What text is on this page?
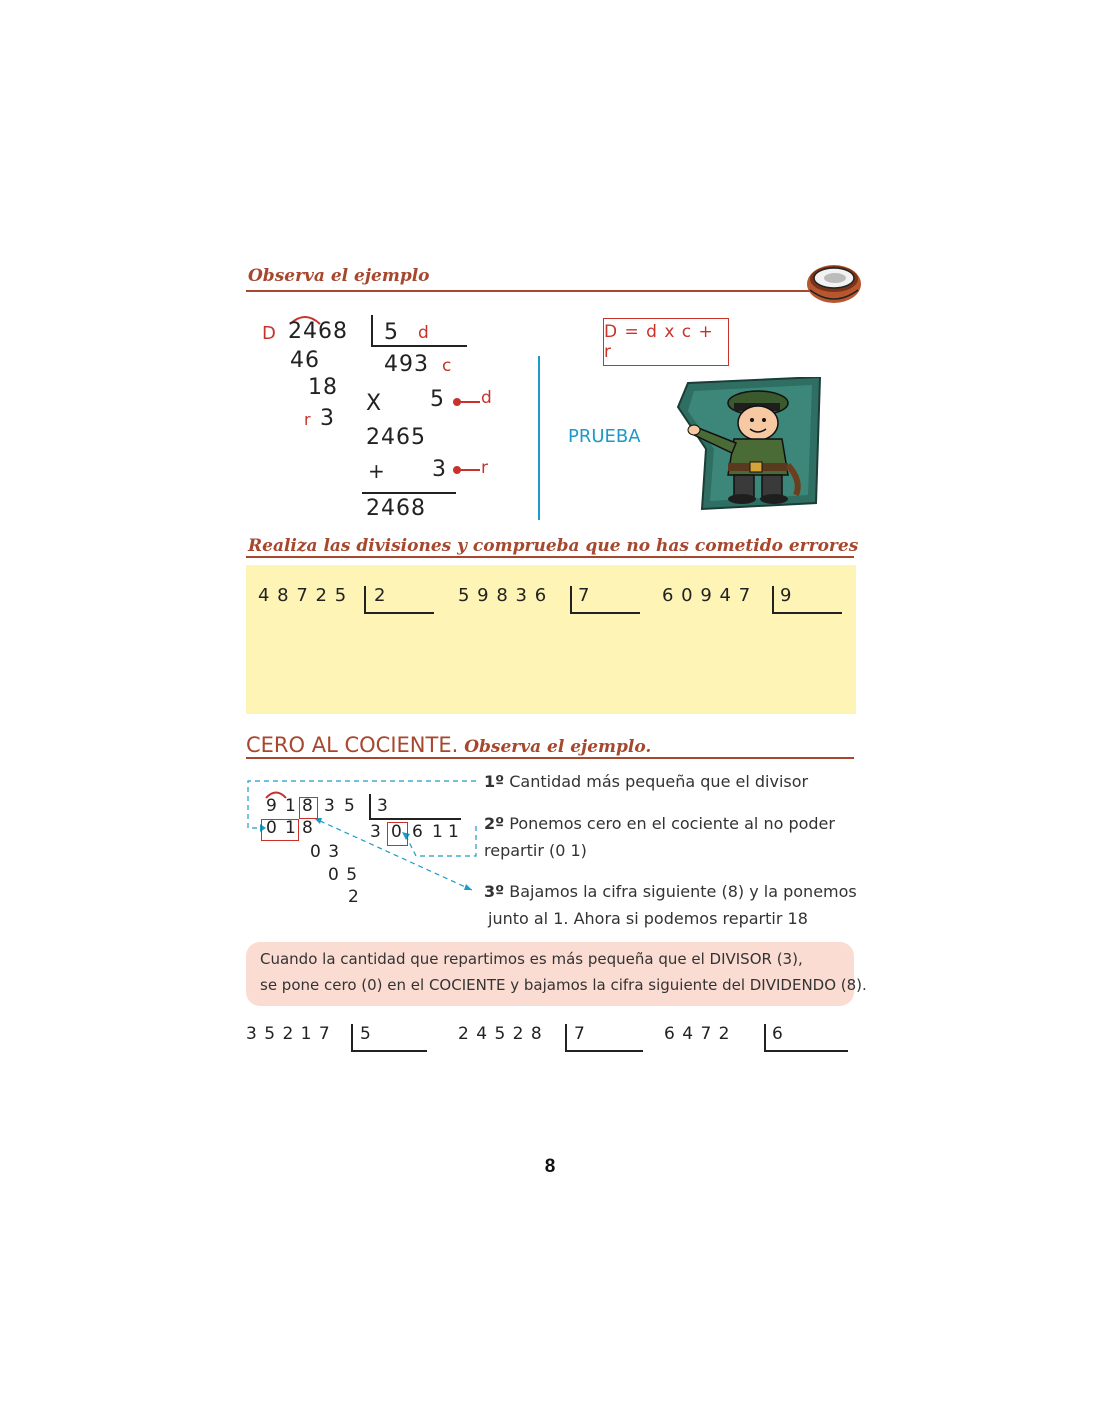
Observa el ejemplo
D 2468 5 d
46	493 c
18
r 3
X 5 d
2465
+ 3 r
2468
D = d x c + r
PRUEBA
Realiza las divisiones y comprueba que no has cometido errores
4 8 7 2 5 2	5 9 8 3 6 7	6 0 9 4 7 9
CERO AL COCIENTE. Observa el ejemplo.
9 1 8 3 5 3
0 1 8	3 0 6 1 1
0 3
0 5
2
1º Cantidad más pequeña que el divisor
2º Ponemos cero en el cociente al no poder
repartir (0 1)
3º Bajamos la cifra siguiente (8) y la ponemos
junto al 1. Ahora si podemos repartir 18
Cuando la cantidad que repartimos es más pequeña que el DIVISOR (3),
se pone cero (0) en el COCIENTE y bajamos la cifra siguiente del DIVIDENDO (8).
3 5 2 1 7 5	2 4 5 2 8 7	6 4 7 2 6
8
